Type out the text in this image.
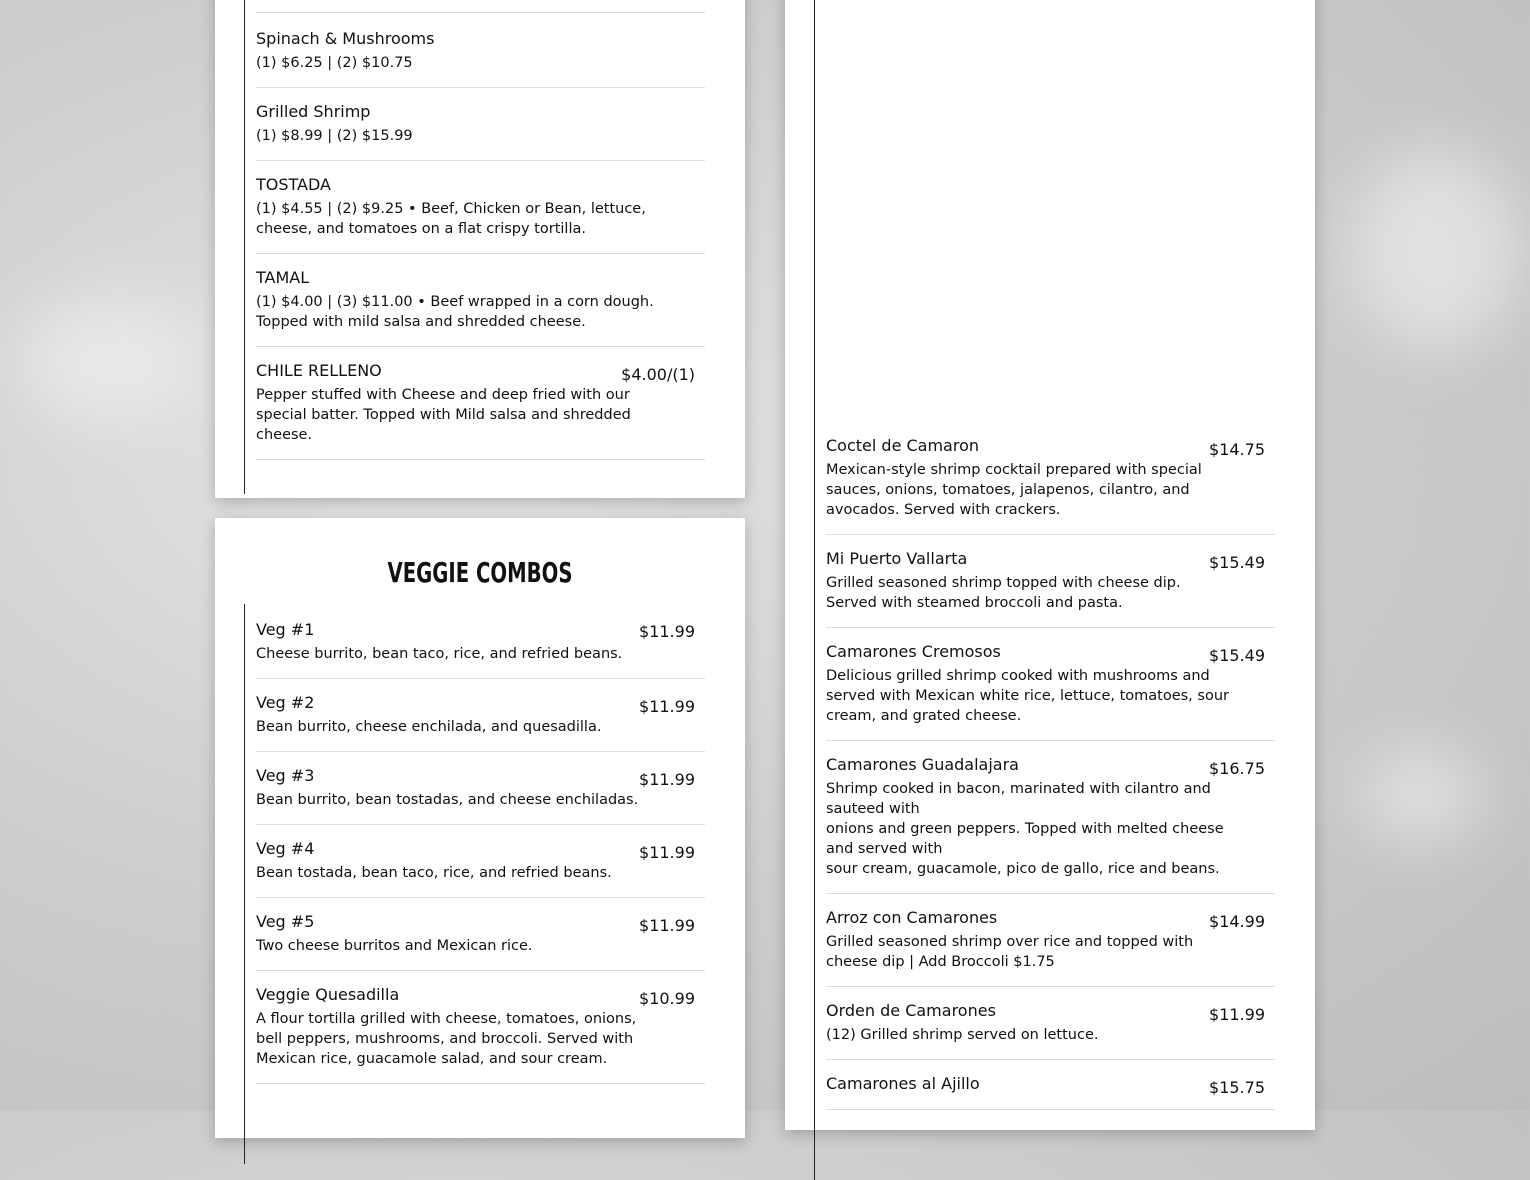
Spinach & Mushrooms
(1) $6.25 | (2) $10.75
Grilled Shrimp
(1) $8.99 | (2) $15.99
TOSTADA
(1) $4.55 | (2) $9.25 • Beef, Chicken or Bean, lettuce, cheese, and tomatoes on a flat crispy tortilla.
TAMAL
(1) $4.00 | (3) $11.00 • Beef wrapped in a corn dough. Topped with mild salsa and shredded cheese.
CHILE RELLENO	$4.00/(1)
Pepper stuffed with Cheese and deep fried with our special batter. Topped with Mild salsa and shredded cheese.
VEGGIE COMBOS
Veg #1	$11.99
Cheese burrito, bean taco, rice, and refried beans.
Veg #2	$11.99
Bean burrito, cheese enchilada, and quesadilla.
Veg #3	$11.99
Bean burrito, bean tostadas, and cheese enchiladas.
Veg #4	$11.99
Bean tostada, bean taco, rice, and refried beans.
Veg #5	$11.99
Two cheese burritos and Mexican rice.
Veggie Quesadilla	$10.99
A flour tortilla grilled with cheese, tomatoes, onions, bell peppers, mushrooms, and broccoli. Served with Mexican rice, guacamole salad, and sour cream.
Coctel de Camaron	$14.75
Mexican-style shrimp cocktail prepared with special sauces, onions, tomatoes, jalapenos, cilantro, and avocados. Served with crackers.
Mi Puerto Vallarta	$15.49
Grilled seasoned shrimp topped with cheese dip. Served with steamed broccoli and pasta.
Camarones Cremosos	$15.49
Delicious grilled shrimp cooked with mushrooms and served with Mexican white rice, lettuce, tomatoes, sour cream, and grated cheese.
Camarones Guadalajara	$16.75
Shrimp cooked in bacon, marinated with cilantro and sauteed with
onions and green peppers. Topped with melted cheese and served with
sour cream, guacamole, pico de gallo, rice and beans.
Arroz con Camarones	$14.99
Grilled seasoned shrimp over rice and topped with cheese dip | Add Broccoli $1.75
Orden de Camarones	$11.99
(12) Grilled shrimp served on lettuce.
Camarones al Ajillo	$15.75
